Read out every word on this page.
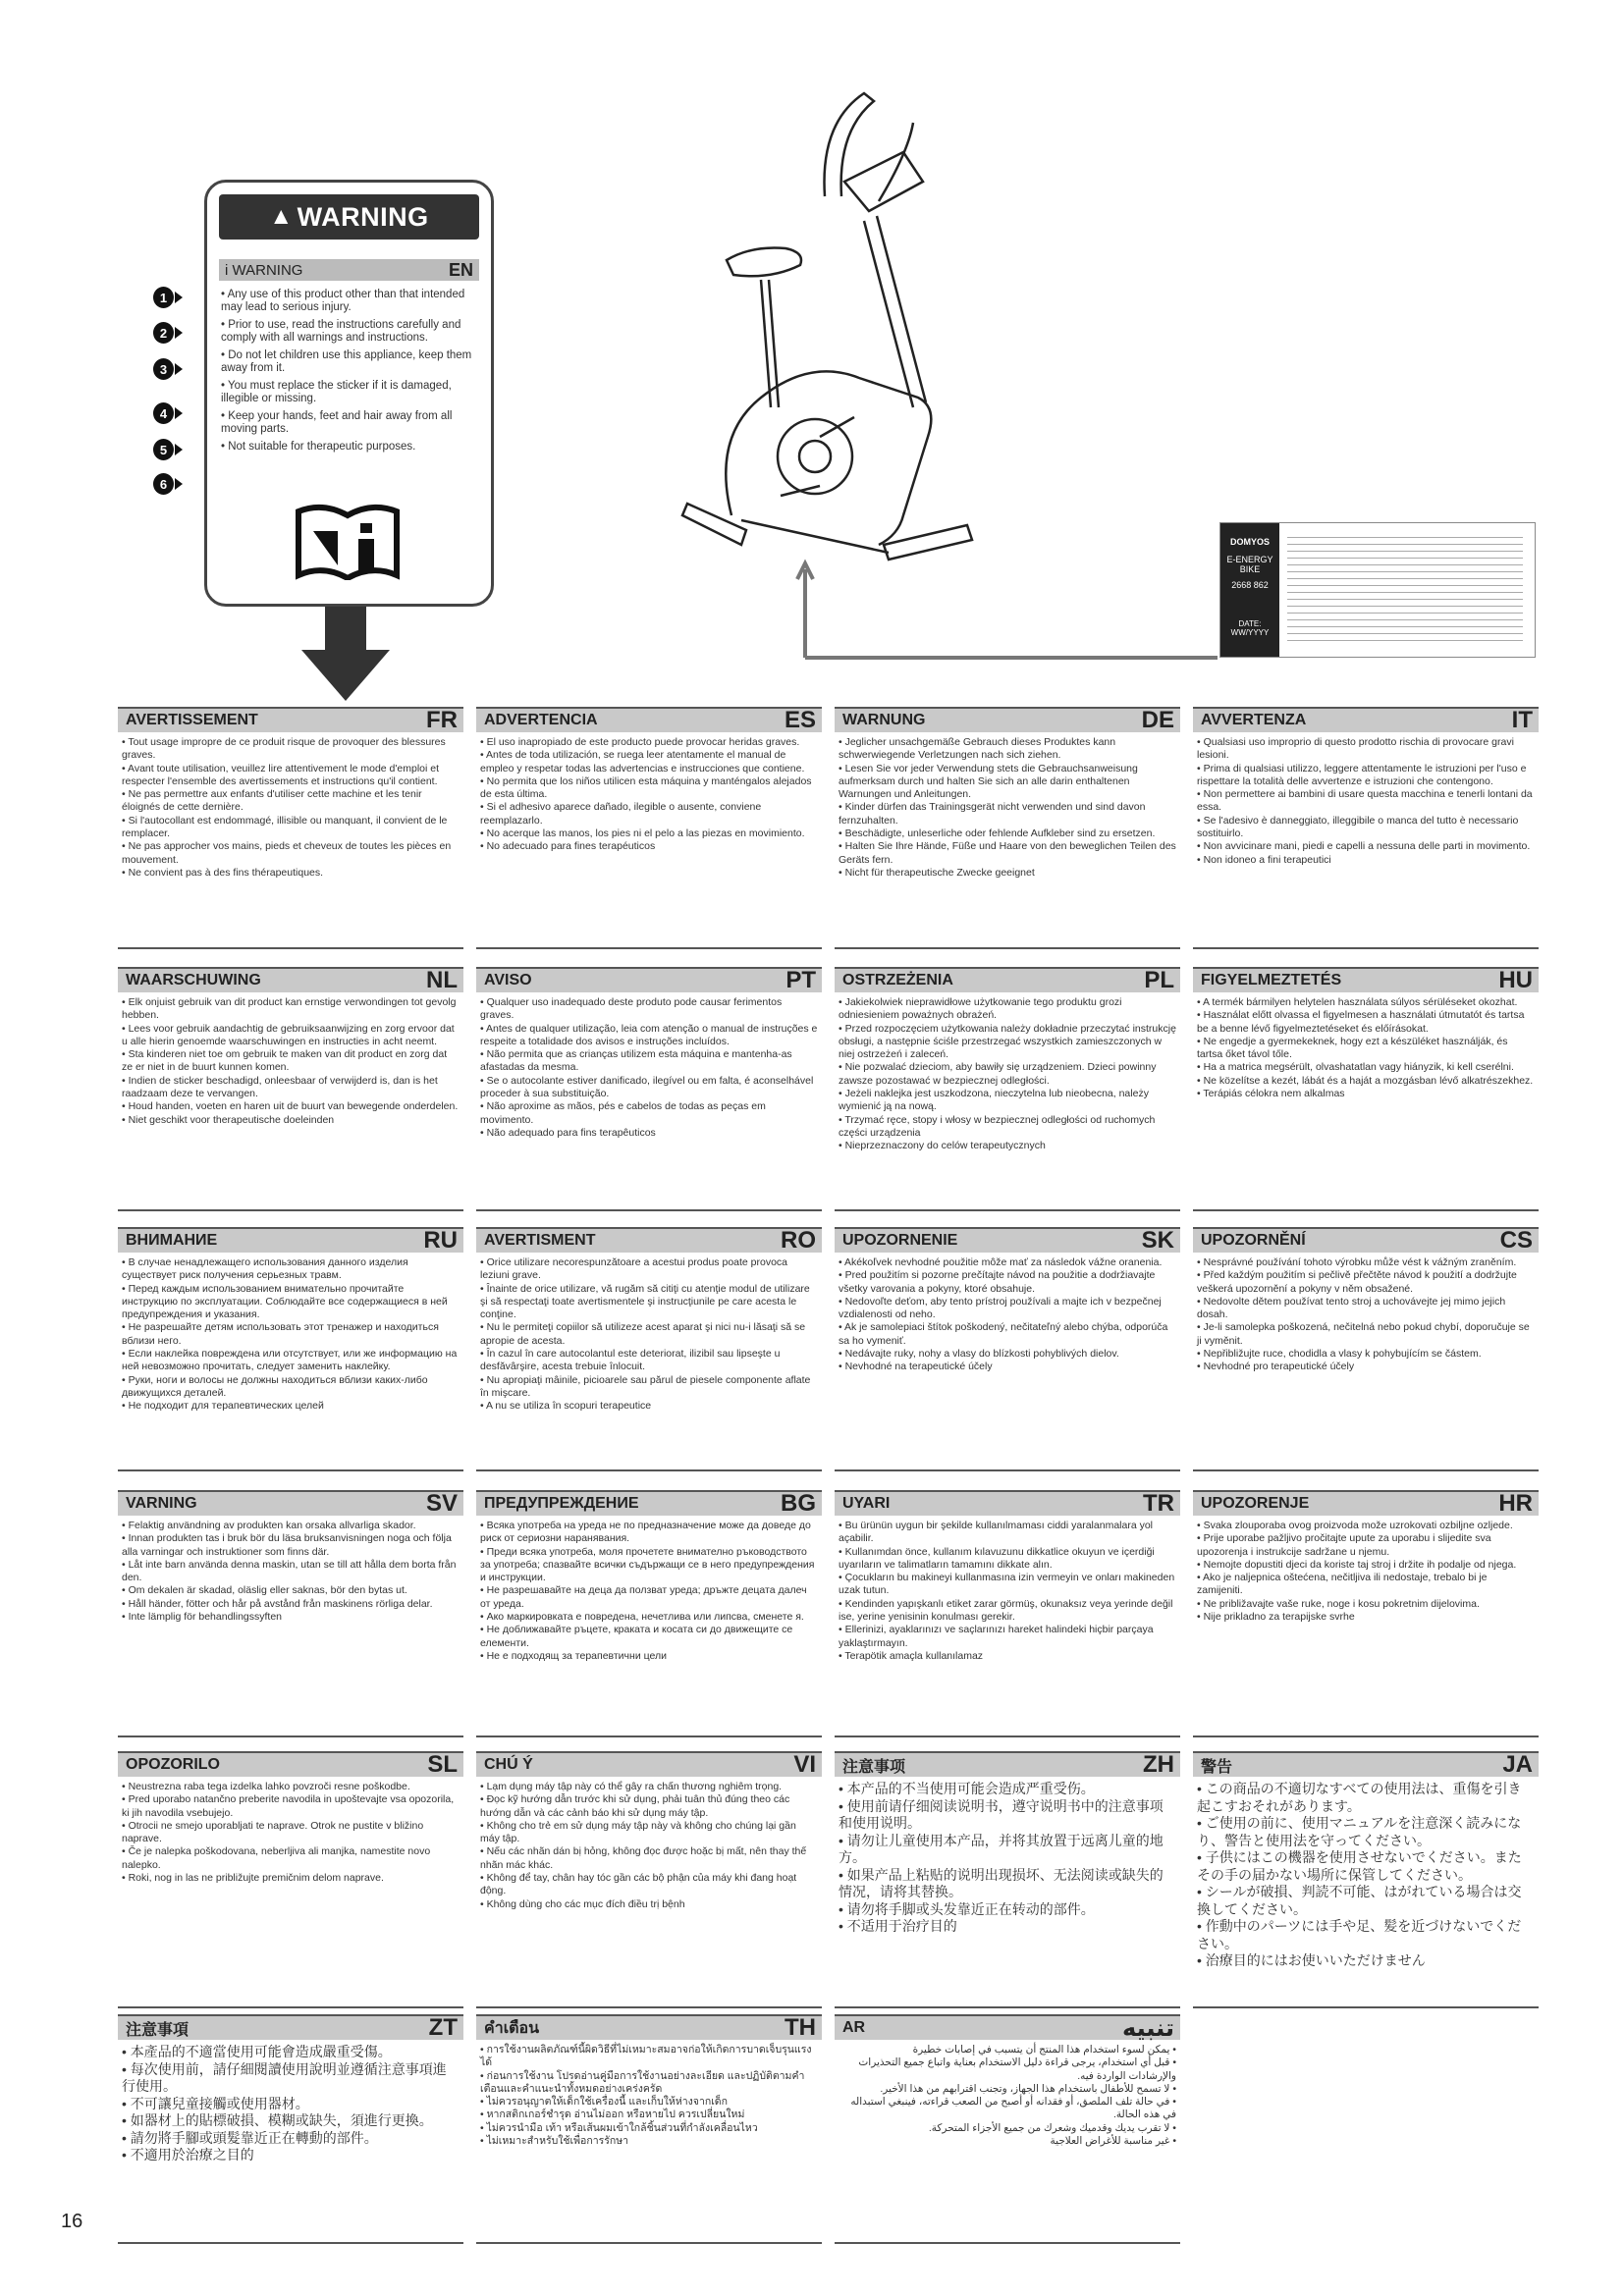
▲ WARNING
i WARNING	EN
• Any use of this product other than that intended may lead to serious injury.
• Prior to use, read the instructions carefully and comply with all warnings and instructions.
• Do not let children use this appliance, keep them away from it.
• You must replace the sticker if it is damaged, illegible or missing.
• Keep your hands, feet and hair away from all moving parts.
• Not suitable for therapeutic purposes.
1
2
3
4
5
6
DOMYOS
E-ENERGY BIKE
2668 862
DATE: WW/YYYY
AVERTISSEMENT	FR
• Tout usage impropre de ce produit risque de provoquer des blessures graves.
• Avant toute utilisation, veuillez lire attentivement le mode d'emploi et respecter l'ensemble des avertissements et instructions qu'il contient.
• Ne pas permettre aux enfants d'utiliser cette machine et les tenir éloignés de cette dernière.
• Si l'autocollant est endommagé, illisible ou manquant, il convient de le remplacer.
• Ne pas approcher vos mains, pieds et cheveux de toutes les pièces en mouvement.
• Ne convient pas à des fins thérapeutiques.
ADVERTENCIA	ES
• El uso inapropiado de este producto puede provocar heridas graves.
• Antes de toda utilización, se ruega leer atentamente el manual de empleo y respetar todas las advertencias e instrucciones que contiene.
• No permita que los niños utilicen esta máquina y manténgalos alejados de esta última.
• Si el adhesivo aparece dañado, ilegible o ausente, conviene reemplazarlo.
• No acerque las manos, los pies ni el pelo a las piezas en movimiento.
• No adecuado para fines terapéuticos
WARNUNG	DE
• Jeglicher unsachgemäße Gebrauch dieses Produktes kann schwerwiegende Verletzungen nach sich ziehen.
• Lesen Sie vor jeder Verwendung stets die Gebrauchsanweisung aufmerksam durch und halten Sie sich an alle darin enthaltenen Warnungen und Anleitungen.
• Kinder dürfen das Trainingsgerät nicht verwenden und sind davon fernzuhalten.
• Beschädigte, unleserliche oder fehlende Aufkleber sind zu ersetzen.
• Halten Sie Ihre Hände, Füße und Haare von den beweglichen Teilen des Geräts fern.
• Nicht für therapeutische Zwecke geeignet
AVVERTENZA	IT
• Qualsiasi uso improprio di questo prodotto rischia di provocare gravi lesioni.
• Prima di qualsiasi utilizzo, leggere attentamente le istruzioni per l'uso e rispettare la totalità delle avvertenze e istruzioni che contengono.
• Non permettere ai bambini di usare questa macchina e tenerli lontani da essa.
• Se l'adesivo è danneggiato, illeggibile o manca del tutto è necessario sostituirlo.
• Non avvicinare mani, piedi e capelli a nessuna delle parti in movimento.
• Non idoneo a fini terapeutici
WAARSCHUWING	NL
• Elk onjuist gebruik van dit product kan ernstige verwondingen tot gevolg hebben.
• Lees voor gebruik aandachtig de gebruiksaanwijzing en zorg ervoor dat u alle hierin genoemde waarschuwingen en instructies in acht neemt.
• Sta kinderen niet toe om gebruik te maken van dit product en zorg dat ze er niet in de buurt kunnen komen.
• Indien de sticker beschadigd, onleesbaar of verwijderd is, dan is het raadzaam deze te vervangen.
• Houd handen, voeten en haren uit de buurt van bewegende onderdelen.
• Niet geschikt voor therapeutische doeleinden
AVISO	PT
• Qualquer uso inadequado deste produto pode causar ferimentos graves.
• Antes de qualquer utilização, leia com atenção o manual de instruções e respeite a totalidade dos avisos e instruções incluídos.
• Não permita que as crianças utilizem esta máquina e mantenha-as afastadas da mesma.
• Se o autocolante estiver danificado, ilegível ou em falta, é aconselhável proceder à sua substituição.
• Não aproxime as mãos, pés e cabelos de todas as peças em movimento.
• Não adequado para fins terapêuticos
OSTRZEŻENIA	PL
• Jakiekolwiek nieprawidłowe użytkowanie tego produktu grozi odniesieniem poważnych obrażeń.
• Przed rozpoczęciem użytkowania należy dokładnie przeczytać instrukcję obsługi, a następnie ściśle przestrzegać wszystkich zamieszczonych w niej ostrzeżeń i zaleceń.
• Nie pozwalać dzieciom, aby bawiły się urządzeniem. Dzieci powinny zawsze pozostawać w bezpiecznej odległości.
• Jeżeli naklejka jest uszkodzona, nieczytelna lub nieobecna, należy wymienić ją na nową.
• Trzymać ręce, stopy i włosy w bezpiecznej odległości od ruchomych części urządzenia
• Nieprzeznaczony do celów terapeutycznych
FIGYELMEZTETÉS	HU
• A termék bármilyen helytelen használata súlyos sérüléseket okozhat.
• Használat előtt olvassa el figyelmesen a használati útmutatót és tartsa be a benne lévő figyelmeztetéseket és előírásokat.
• Ne engedje a gyermekeknek, hogy ezt a készüléket használják, és tartsa őket távol tőle.
• Ha a matrica megsérült, olvashatatlan vagy hiányzik, ki kell cserélni.
• Ne közelítse a kezét, lábát és a haját a mozgásban lévő alkatrészekhez.
• Terápiás célokra nem alkalmas
ВНИМАНИЕ	RU
• В случае ненадлежащего использования данного изделия существует риск получения серьезных травм.
• Перед каждым использованием внимательно прочитайте инструкцию по эксплуатации. Соблюдайте все содержащиеся в ней предупреждения и указания.
• Не разрешайте детям использовать этот тренажер и находиться вблизи него.
• Если наклейка повреждена или отсутствует, или же информацию на ней невозможно прочитать, следует заменить наклейку.
• Руки, ноги и волосы не должны находиться вблизи каких-либо движущихся деталей.
• Не подходит для терапевтических целей
AVERTISMENT	RO
• Orice utilizare necorespunzătoare a acestui produs poate provoca leziuni grave.
• Înainte de orice utilizare, vă rugăm să citiţi cu atenţie modul de utilizare şi să respectaţi toate avertismentele şi instrucţiunile pe care acesta le conţine.
• Nu le permiteţi copiilor să utilizeze acest aparat şi nici nu-i lăsaţi să se apropie de acesta.
• În cazul în care autocolantul este deteriorat, ilizibil sau lipseşte u desfăvârşire, acesta trebuie înlocuit.
• Nu apropiaţi mâinile, picioarele sau părul de piesele componente aflate în mişcare.
• A nu se utiliza în scopuri terapeutice
UPOZORNENIE	SK
• Akékoľvek nevhodné použitie môže mať za následok vážne oranenia.
• Pred použitím si pozorne prečítajte návod na použitie a dodržiavajte všetky varovania a pokyny, ktoré obsahuje.
• Nedovoľte deťom, aby tento prístroj používali a majte ich v bezpečnej vzdialenosti od neho.
• Ak je samolepiaci štítok poškodený, nečitateľný alebo chýba, odporúča sa ho vymeniť.
• Nedávajte ruky, nohy a vlasy do blízkosti pohyblivých dielov.
• Nevhodné na terapeutické účely
UPOZORNĚNÍ	CS
• Nesprávné používání tohoto výrobku může vést k vážným zraněním.
• Před každým použitím si pečlivě přečtěte návod k použití a dodržujte veškerá upozornění a pokyny v něm obsažené.
• Nedovolte dětem používat tento stroj a uchovávejte jej mimo jejich dosah.
• Je-li samolepka poškozená, nečitelná nebo pokud chybí, doporučuje se ji vyměnit.
• Nepřibližujte ruce, chodidla a vlasy k pohybujícím se částem.
• Nevhodné pro terapeutické účely
VARNING	SV
• Felaktig användning av produkten kan orsaka allvarliga skador.
• Innan produkten tas i bruk bör du läsa bruksanvisningen noga och följa alla varningar och instruktioner som finns där.
• Låt inte barn använda denna maskin, utan se till att hålla dem borta från den.
• Om dekalen är skadad, oläslig eller saknas, bör den bytas ut.
• Håll händer, fötter och hår på avstånd från maskinens rörliga delar.
• Inte lämplig för behandlingssyften
ПРЕДУПРЕЖДЕНИЕ	BG
• Всяка употреба на уреда не по предназначение може да доведе до риск от сериозни наранявания.
• Преди всяка употреба, моля прочетете внимателно ръководството за употреба; спазвайте всички съдържащи се в него предупреждения и инструкции.
• Не разрешавайте на деца да ползват уреда; дръжте децата далеч от уреда.
• Ако маркировката е повредена, нечетлива или липсва, сменете я.
• Не доближавайте ръцете, краката и косата си до движещите се елементи.
• Не е подходящ за терапевтични цели
UYARI	TR
• Bu ürünün uygun bir şekilde kullanılmaması ciddi yaralanmalara yol açabilir.
• Kullanımdan önce, kullanım kılavuzunu dikkatlice okuyun ve içerdiği uyarıların ve talimatların tamamını dikkate alın.
• Çocukların bu makineyi kullanmasına izin vermeyin ve onları makineden uzak tutun.
• Kendinden yapışkanlı etiket zarar görmüş, okunaksız veya yerinde değil ise, yerine yenisinin konulması gerekir.
• Ellerinizi, ayaklarınızı ve saçlarınızı hareket halindeki hiçbir parçaya yaklaştırmayın.
• Terapötik amaçla kullanılamaz
UPOZORENJE	HR
• Svaka zlouporaba ovog proizvoda može uzrokovati ozbiljne ozljede.
• Prije uporabe pažljivo pročitajte upute za uporabu i slijedite sva upozorenja i instrukcije sadržane u njemu.
• Nemojte dopustiti djeci da koriste taj stroj i držite ih podalje od njega.
• Ako je naljepnica oštećena, nečitljiva ili nedostaje, trebalo bi je zamijeniti.
• Ne približavajte vaše ruke, noge i kosu pokretnim dijelovima.
• Nije prikladno za terapijske svrhe
OPOZORILO	SL
• Neustrezna raba tega izdelka lahko povzroči resne poškodbe.
• Pred uporabo natančno preberite navodila in upoštevajte vsa opozorila, ki jih navodila vsebujejo.
• Otrocii ne smejo uporabljati te naprave. Otrok ne pustite v bližino naprave.
• Če je nalepka poškodovana, neberljiva ali manjka, namestite novo nalepko.
• Roki, nog in las ne približujte premičnim delom naprave.
CHÚ Ý	VI
• Lạm dụng máy tập này có thể gây ra chấn thương nghiêm trọng.
• Đọc kỹ hướng dẫn trước khi sử dụng, phải tuân thủ đúng theo các hướng dẫn và các cảnh báo khi sử dụng máy tập.
• Không cho trẻ em sử dụng máy tập này và không cho chúng lại gần máy tập.
• Nếu các nhãn dán bị hỏng, không đọc được hoặc bị mất, nên thay thế nhãn mác khác.
• Không để tay, chân hay tóc gần các bộ phận của máy khi đang hoạt động.
• Không dùng cho các mục đích điều trị bệnh
注意事项	ZH
• 本产品的不当使用可能会造成严重受伤。
• 使用前请仔细阅读说明书，遵守说明书中的注意事项和使用说明。
• 请勿让儿童使用本产品，并将其放置于远离儿童的地方。
• 如果产品上粘贴的说明出现损坏、无法阅读或缺失的情况，请将其替换。
• 请勿将手脚或头发靠近正在转动的部件。
• 不适用于治疗目的
警告	JA
• この商品の不適切なすべての使用法は、重傷を引き起こすおそれがあります。
• ご使用の前に、使用マニュアルを注意深く読みになり、警告と使用法を守ってください。
• 子供にはこの機器を使用させないでください。またその手の届かない場所に保管してください。
• シールが破損、判読不可能、はがれている場合は交換してください。
• 作動中のパーツには手や足、髪を近づけないでください。
• 治療目的にはお使いいただけません
注意事項	ZT
• 本產品的不適當使用可能會造成嚴重受傷。
• 每次使用前，請仔細閱讀使用說明並遵循注意事項進行使用。
• 不可讓兒童接觸或使用器材。
• 如器材上的貼標破損、模糊或缺失，須進行更換。
• 請勿將手腳或頭髮靠近正在轉動的部件。
• 不適用於治療之目的
คำเตือน	TH
• การใช้งานผลิตภัณฑ์นี้ผิดวิธีที่ไม่เหมาะสมอาจก่อให้เกิดการบาดเจ็บรุนแรงได้
• ก่อนการใช้งาน โปรดอ่านคู่มือการใช้งานอย่างละเอียด และปฏิบัติตามคำเตือนและคำแนะนำทั้งหมดอย่างเคร่งครัด
• ไม่ควรอนุญาตให้เด็กใช้เครื่องนี้ และเก็บให้ห่างจากเด็ก
• หากสติกเกอร์ชำรุด อ่านไม่ออก หรือหายไป ควรเปลี่ยนใหม่
• ไม่ควรนำมือ เท้า หรือเส้นผมเข้าใกล้ชิ้นส่วนที่กำลังเคลื่อนไหว
• ไม่เหมาะสำหรับใช้เพื่อการรักษา
AR	تنبيه
• يمكن لسوء استخدام هذا المنتج أن يتسبب في إصابات خطيرة
• قبل أي استخدام، يرجى قراءة دليل الاستخدام بعناية واتباع جميع التحذيرات والإرشادات الواردة فيه.
• لا تسمح للأطفال باستخدام هذا الجهاز، وتجنب اقترابهم من هذا الأخير.
• في حالة تلف الملصق، أو فقدانه أو أصبح من الصعب قراءته، فينبغي استبداله في هذه الحالة.
• لا تقرب يديك وقدميك وشعرك من جميع الأجزاء المتحركة.
• غير مناسبة للأغراض العلاجية
16
